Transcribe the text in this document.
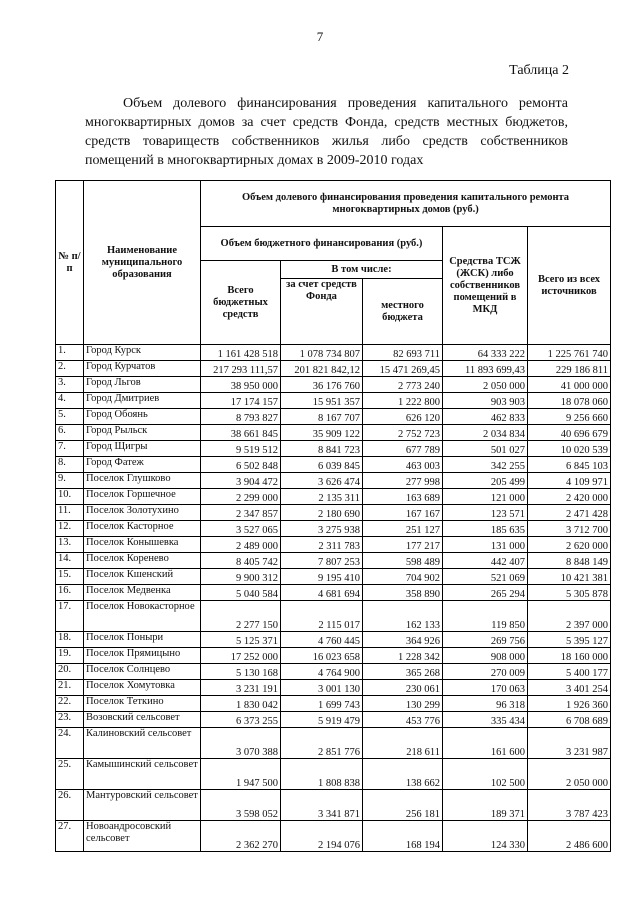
7
Таблица 2
Объем долевого финансирования проведения капитального ремонта многоквартирных домов за счет средств Фонда, средств местных бюджетов, средств товариществ собственников жилья либо средств собственников помещений в многоквартирных домах в 2009-2010 годах
№ п/п	Наименование муниципального образования	Объем долевого финансирования проведения капитального ремонта многоквартирных домов (руб.)				
		Объем бюджетного финансирования (руб.)			Средства ТСЖ (ЖСК) либо собственников помещений в МКД	Всего из всех источников
		Всего бюджетных средств	В том числе:			
			за счет средств Фонда	местного бюджета		
1.	Город Курск	1 161 428 518	1 078 734 807	82 693 711	64 333 222	1 225 761 740
2.	Город Курчатов	217 293 111,57	201 821 842,12	15 471 269,45	11 893 699,43	229 186 811
3.	Город Льгов	38 950 000	36 176 760	2 773 240	2 050 000	41 000 000
4.	Город Дмитриев	17 174 157	15 951 357	1 222 800	903 903	18 078 060
5.	Город Обоянь	8 793 827	8 167 707	626 120	462 833	9 256 660
6.	Город Рыльск	38 661 845	35 909 122	2 752 723	2 034 834	40 696 679
7.	Город Щигры	9 519 512	8 841 723	677 789	501 027	10 020 539
8.	Город Фатеж	6 502 848	6 039 845	463 003	342 255	6 845 103
9.	Поселок Глушково	3 904 472	3 626 474	277 998	205 499	4 109 971
10.	Поселок Горшечное	2 299 000	2 135 311	163 689	121 000	2 420 000
11.	Поселок Золотухино	2 347 857	2 180 690	167 167	123 571	2 471 428
12.	Поселок Касторное	3 527 065	3 275 938	251 127	185 635	3 712 700
13.	Поселок Конышевка	2 489 000	2 311 783	177 217	131 000	2 620 000
14.	Поселок Кореневo	8 405 742	7 807 253	598 489	442 407	8 848 149
15.	Поселок Кшенский	9 900 312	9 195 410	704 902	521 069	10 421 381
16.	Поселок Медвенка	5 040 584	4 681 694	358 890	265 294	5 305 878
17.	Поселок Новокасторное	2 277 150	2 115 017	162 133	119 850	2 397 000
18.	Поселок Поныри	5 125 371	4 760 445	364 926	269 756	5 395 127
19.	Поселок Прямицыно	17 252 000	16 023 658	1 228 342	908 000	18 160 000
20.	Поселок Солнцево	5 130 168	4 764 900	365 268	270 009	5 400 177
21.	Поселок Хомутовка	3 231 191	3 001 130	230 061	170 063	3 401 254
22.	Поселок Теткино	1 830 042	1 699 743	130 299	96 318	1 926 360
23.	Возовский сельсовет	6 373 255	5 919 479	453 776	335 434	6 708 689
24.	Калиновский сельсовет	3 070 388	2 851 776	218 611	161 600	3 231 987
25.	Камышинский сельсовет	1 947 500	1 808 838	138 662	102 500	2 050 000
26.	Мантуровский сельсовет	3 598 052	3 341 871	256 181	189 371	3 787 423
27.	Новоандросовский сельсовет	2 362 270	2 194 076	168 194	124 330	2 486 600
